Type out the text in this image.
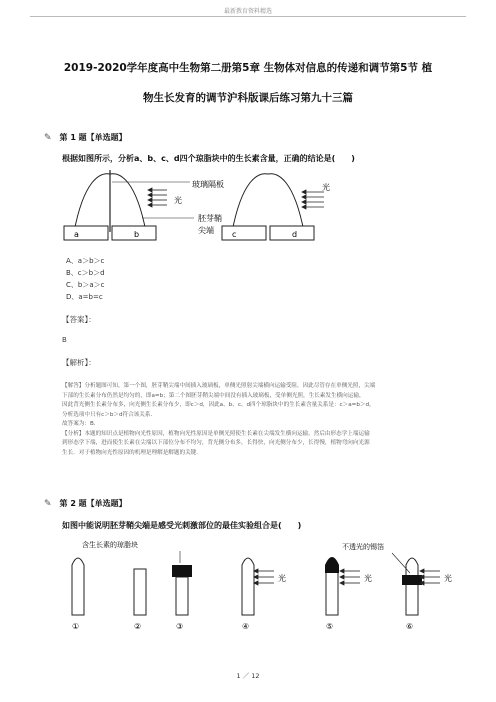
最新教育资料精选
2019-2020学年度高中生物第二册第5章 生物体对信息的传递和调节第5节 植
物生长发育的调节沪科版课后练习第九十三篇
✎ 第 1 题【单选题】
根据如图所示，分析a、b、c、d四个琼脂块中的生长素含量，正确的结论是(　　)
a	b
玻璃隔板
光
胚芽鞘
尖端 c	d
光
A、a＞b＞c
B、c＞b＞d
C、b＞a＞c
D、a=b=c
【答案】：
B
【解析】：
【解答】分析题图可知，第一个图，胚芽鞘尖端中间插入玻璃板，单侧光照射尖端横向运输受阻，因此尽管存在单侧光照，尖端
下部的生长素分布仍然是均匀的，即a=b；第二个图胚芽鞘尖端中间没有插入玻璃板，受单侧光照，生长素发生横向运输，
因此背光侧生长素分布多，向光侧生长素分布少，即c＞d，因此a、b、c、d四个琼脂块中的生长素含量关系是：c＞a=b＞d，
分析选项中只有c＞b＞d符合该关系．
故答案为：B．
【分析】本题的知识点是植物向光性原因，植物向光性原因是单侧光照使生长素在尖端发生横向运输，然后由形态学上端运输
到形态学下端，进而使生长素在尖端以下部位分布不均匀，背光侧分布多，长得快，向光侧分布少，长得慢，植物弯向向光源
生长．对于植物向光性原因的机理是理解是解题的关键．
✎ 第 2 题【单选题】
如图中能说明胚芽鞘尖端是感受光刺激部位的最佳实验组合是(　　)
含生长素的琼脂块
光	光
不透光的锡箔
光
①	②	③	④	⑤	⑥
1 ／ 12
